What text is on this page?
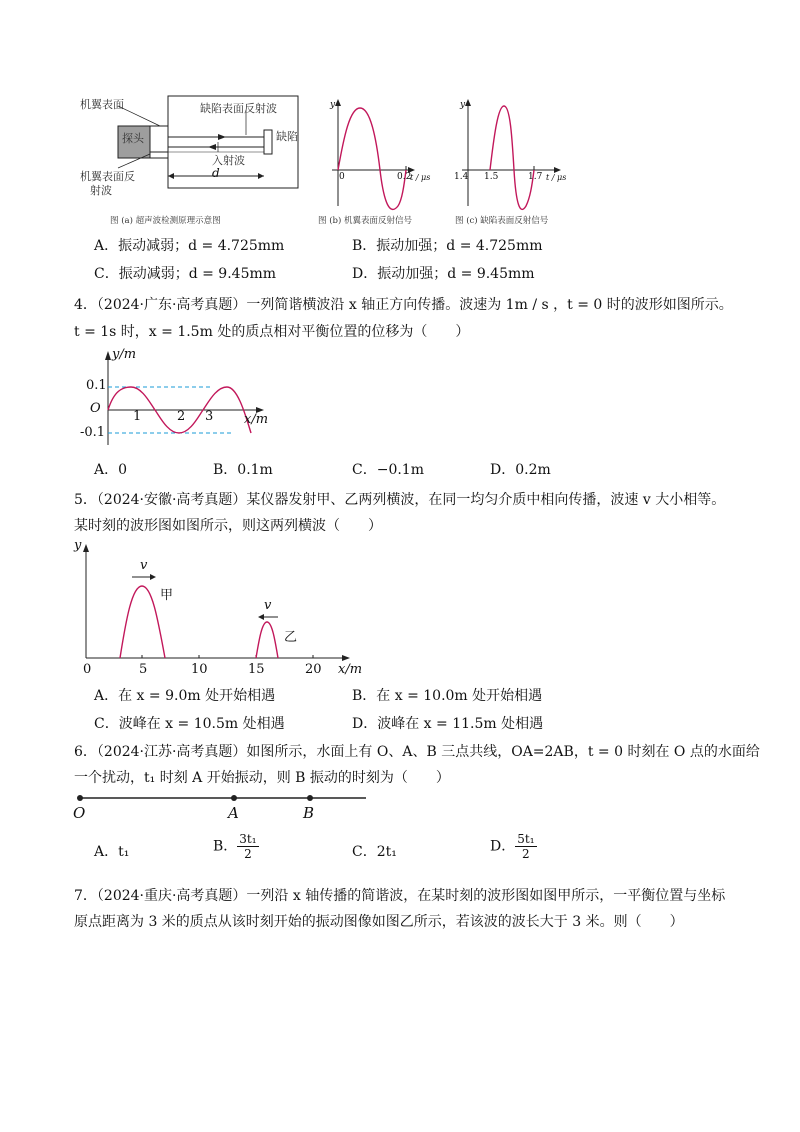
机翼表面	缺陷表面反射波
探头	缺陷
入射波
机翼表面反
射波
d
图 (a) 超声波检测原理示意图
y
0	0.2
t / μs
图 (b) 机翼表面反射信号
y
1.4 1.5	1.7 t / μs
图 (c) 缺陷表面反射信号
A．振动减弱；d = 4.725mm	B．振动加强；d = 4.725mm
C．振动减弱；d = 9.45mm	D．振动加强；d = 9.45mm
4．（2024·广东·高考真题）一列简谐横波沿 x 轴正方向传播。波速为 1m / s ，t = 0 时的波形如图所示。
t = 1s 时，x = 1.5m 处的质点相对平衡位置的位移为（　　）
y/m
0.1
O
-0.1
1	2 3 x/m
A．0	B．0.1m	C．−0.1m	D．0.2m
5．（2024·安徽·高考真题）某仪器发射甲、乙两列横波，在同一均匀介质中相向传播，波速 v 大小相等。
某时刻的波形图如图所示，则这两列横波（　　）
y
v
甲
v
乙
0	5	10	15	20 x/m
A．在 x = 9.0m 处开始相遇	B．在 x = 10.0m 处开始相遇
C．波峰在 x = 10.5m 处相遇	D．波峰在 x = 11.5m 处相遇
6．（2024·江苏·高考真题）如图所示，水面上有 O、A、B 三点共线，OA=2AB，t = 0 时刻在 O 点的水面给
一个扰动，t₁ 时刻 A 开始振动，则 B 振动的时刻为（　　）
O	A	B
A．t₁	B． $\frac{\text{3t₁}}{2}$	C．2t₁	D． $\frac{\text{5t₁}}{2}$
7．（2024·重庆·高考真题）一列沿 x 轴传播的简谐波，在某时刻的波形图如图甲所示，一平衡位置与坐标
原点距离为 3 米的质点从该时刻开始的振动图像如图乙所示，若该波的波长大于 3 米。则（　　）
